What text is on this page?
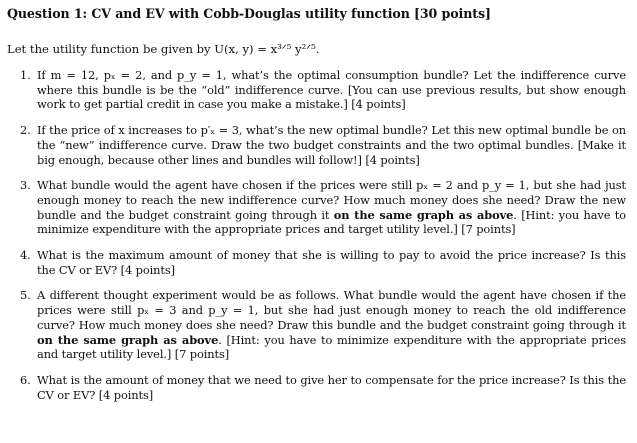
Question 1: CV and EV with Cobb-Douglas utility function [30 points]
Let the utility function be given by U(x, y) = x³ᐟ⁵ y²ᐟ⁵.
1. If m = 12, pₓ = 2, and p_y = 1, what’s the optimal consumption bundle? Let the indifference curve where this bundle is be the “old” indifference curve. [You can use previous results, but show enough work to get partial credit in case you make a mistake.] [4 points]
2. If the price of x increases to p′ₓ = 3, what’s the new optimal bundle? Let this new optimal bundle be on the “new” indifference curve. Draw the two budget constraints and the two optimal bundles. [Make it big enough, because other lines and bundles will follow!] [4 points]
3. What bundle would the agent have chosen if the prices were still pₓ = 2 and p_y = 1, but she had just enough money to reach the new indifference curve? How much money does she need? Draw the new bundle and the budget constraint going through it on the same graph as above. [Hint: you have to minimize expenditure with the appropriate prices and target utility level.] [7 points]
4. What is the maximum amount of money that she is willing to pay to avoid the price increase? Is this the CV or EV? [4 points]
5. A different thought experiment would be as follows. What bundle would the agent have chosen if the prices were still pₓ = 3 and p_y = 1, but she had just enough money to reach the old indifference curve? How much money does she need? Draw this bundle and the budget constraint going through it on the same graph as above. [Hint: you have to minimize expenditure with the appropriate prices and target utility level.] [7 points]
6. What is the amount of money that we need to give her to compensate for the price increase? Is this the CV or EV? [4 points]
